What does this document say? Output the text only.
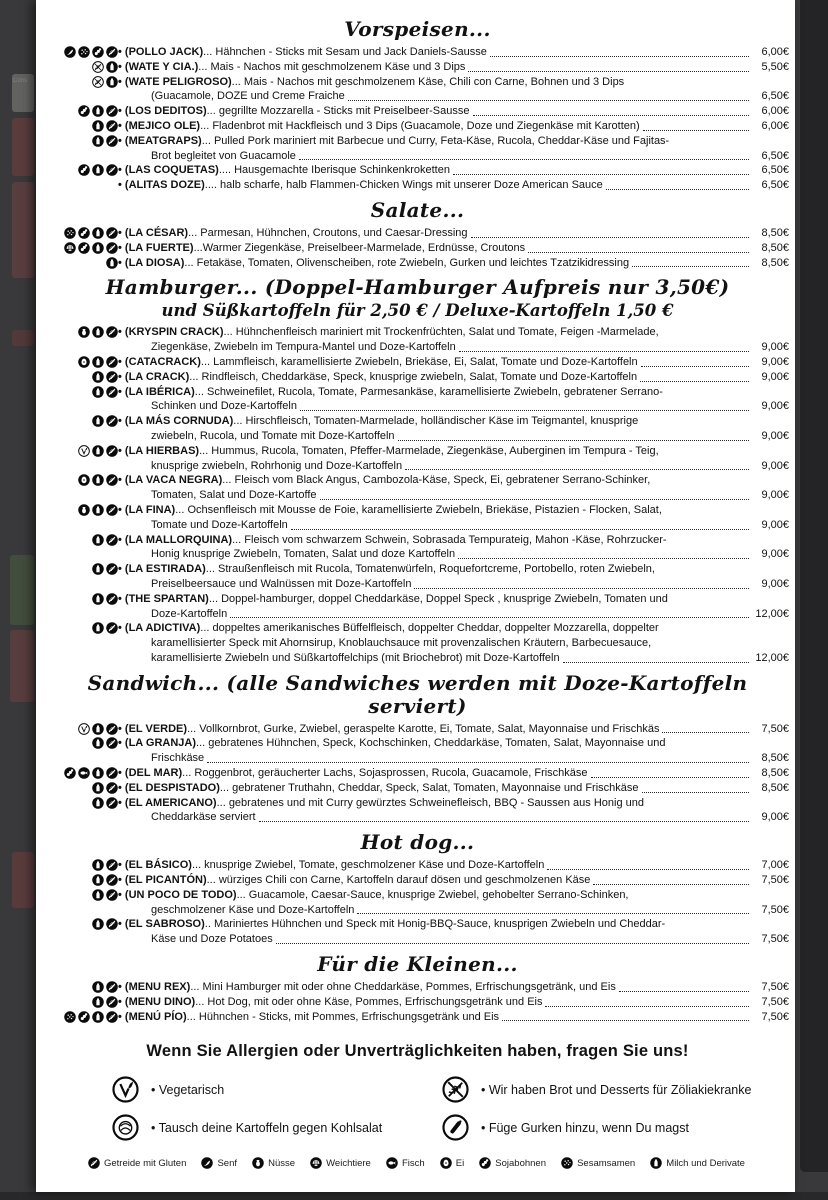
Cons
Vorspeisen...
• (POLLO JACK)... Hähnchen - Sticks mit Sesam und Jack Daniels-Sausse	6,00€
• (WATE Y CIA.)... Mais - Nachos mit geschmolzenem Käse und 3 Dips	5,50€
• (WATE PELIGROSO)... Mais - Nachos mit geschmolzenem Käse, Chili con Carne, Bohnen und 3 Dips
(Guacamole, DOZE und Creme Fraiche	6,50€
• (LOS DEDITOS)... gegrillte Mozzarella - Sticks mit Preiselbeer-Sausse	6,00€
• (MEJICO OLE)... Fladenbrot mit Hackfleisch und 3 Dips (Guacamole, Doze und Ziegenkäse mit Karotten)	6,00€
• (MEATGRAPS)... Pulled Pork mariniert mit Barbecue und Curry, Feta-Käse, Rucola, Cheddar-Käse und Fajitas-
Brot begleitet von Guacamole	6,50€
• (LAS COQUETAS).... Hausgemachte Iberisque Schinkenkroketten	6,50€
• (ALITAS DOZE).... halb scharfe, halb Flammen-Chicken Wings mit unserer Doze American Sauce	6,50€
Salate...
• (LA CÉSAR)... Parmesan, Hühnchen, Croutons, und Caesar-Dressing	8,50€
• (LA FUERTE)...Warmer Ziegenkäse, Preiselbeer-Marmelade, Erdnüsse, Croutons	8,50€
• (LA DIOSA)... Fetakäse, Tomaten, Olivenscheiben, rote Zwiebeln, Gurken und leichtes Tzatzikidressing	8,50€
Hamburger... (Doppel-Hamburger Aufpreis nur 3,50€)
und Süßkartoffeln für 2,50 € / Deluxe-Kartoffeln 1,50 €
• (KRYSPIN CRACK)... Hühnchenfleisch mariniert mit Trockenfrüchten, Salat und Tomate, Feigen -Marmelade,
Ziegenkäse, Zwiebeln im Tempura-Mantel und Doze-Kartoffeln	9,00€
• (CATACRACK)... Lammfleisch, karamellisierte Zwiebeln, Briekäse, Ei, Salat, Tomate und Doze-Kartoffeln	9,00€
• (LA CRACK)... Rindfleisch, Cheddarkäse, Speck, knusprige zwiebeln, Salat, Tomate und Doze-Kartoffeln	9,00€
• (LA IBÉRICA)... Schweinefilet, Rucola, Tomate, Parmesankäse, karamellisierte Zwiebeln, gebratener Serrano-
Schinken und Doze-Kartoffeln	9,00€
• (LA MÁS CORNUDA)... Hirschfleisch, Tomaten-Marmelade, holländischer Käse im Teigmantel, knusprige
zwiebeln, Rucola, und Tomate mit Doze-Kartoffeln	9,00€
• (LA HIERBAS)... Hummus, Rucola, Tomaten, Pfeffer-Marmelade, Ziegenkäse, Auberginen im Tempura - Teig,
knusprige zwiebeln, Rohrhonig und Doze-Kartoffeln	9,00€
• (LA VACA NEGRA)... Fleisch vom Black Angus, Cambozola-Käse, Speck, Ei, gebratener Serrano-Schinker,
Tomaten, Salat und Doze-Kartoffe	9,00€
• (LA FINA)... Ochsenfleisch mit Mousse de Foie, karamellisierte Zwiebeln, Briekäse, Pistazien - Flocken, Salat,
Tomate und Doze-Kartoffeln	9,00€
• (LA MALLORQUINA)... Fleisch vom schwarzem Schwein, Sobrasada Tempurateig, Mahon -Käse, Rohrzucker-
Honig knusprige Zwiebeln, Tomaten, Salat und doze Kartoffeln	9,00€
• (LA ESTIRADA)... Straußenfleisch mit Rucola, Tomatenwürfeln, Roquefortcreme, Portobello, roten Zwiebeln,
Preiselbeersauce und Walnüssen mit Doze-Kartoffeln	9,00€
• (THE SPARTAN)... Doppel-hamburger, doppel Cheddarkäse, Doppel Speck , knusprige Zwiebeln, Tomaten und
Doze-Kartoffeln	12,00€
• (LA ADICTIVA)... doppeltes amerikanisches Büffelfleisch, doppelter Cheddar, doppelter Mozzarella, doppelter
karamellisierter Speck mit Ahornsirup, Knoblauchsauce mit provenzalischen Kräutern, Barbecuesauce,
karamellisierte Zwiebeln und Süßkartoffelchips (mit Briochebrot) mit Doze-Kartoffeln	12,00€
Sandwich... (alle Sandwiches werden mit Doze-Kartoffeln serviert)
• (EL VERDE)... Vollkornbrot, Gurke, Zwiebel, geraspelte Karotte, Ei, Tomate, Salat, Mayonnaise und Frischkäs	7,50€
• (LA GRANJA)... gebratenes Hühnchen, Speck, Kochschinken, Cheddarkäse, Tomaten, Salat, Mayonnaise und
Frischkäse	8,50€
• (DEL MAR)... Roggenbrot, geräucherter Lachs, Sojasprossen, Rucola, Guacamole, Frischkäse	8,50€
• (EL DESPISTADO)... gebratener Truthahn, Cheddar, Speck, Salat, Tomaten, Mayonnaise und Frischkäse	8,50€
• (EL AMERICANO)... gebratenes und mit Curry gewürztes Schweinefleisch, BBQ - Saussen aus Honig und
Cheddarkäse serviert	9,00€
Hot dog...
• (EL BÁSICO)... knusprige Zwiebel, Tomate, geschmolzener Käse und Doze-Kartoffeln	7,00€
• (EL PICANTÓN)... würziges Chili con Carne, Kartoffeln darauf dösen und geschmolzenen Käse	7,50€
• (UN POCO DE TODO)... Guacamole, Caesar-Sauce, knusprige Zwiebel, gehobelter Serrano-Schinken,
geschmolzener Käse und Doze-Kartoffeln	7,50€
• (EL SABROSO).. Mariniertes Hühnchen und Speck mit Honig-BBQ-Sauce, knusprigen Zwiebeln und Cheddar-
Käse und Doze Potatoes	7,50€
Für die Kleinen...
• (MENU REX)... Mini Hamburger mit oder ohne Cheddarkäse, Pommes, Erfrischungsgetränk, und Eis	7,50€
• (MENU DINO)... Hot Dog, mit oder ohne Käse, Pommes, Erfrischungsgetränk und Eis	7,50€
• (MENÚ PÍO)... Hühnchen - Sticks, mit Pommes, Erfrischungsgetränk und Eis	7,50€
Wenn Sie Allergien oder Unverträglichkeiten haben, fragen Sie uns!
• Vegetarisch	• Wir haben Brot und Desserts für Zöliakiekranke
• Tausch deine Kartoffeln gegen Kohlsalat	• Füge Gurken hinzu, wenn Du magst
Getreide mit Gluten	Senf	Nüsse	Weichtiere	Fisch	Ei	Sojabohnen	Sesamsamen	Milch und Derivate
